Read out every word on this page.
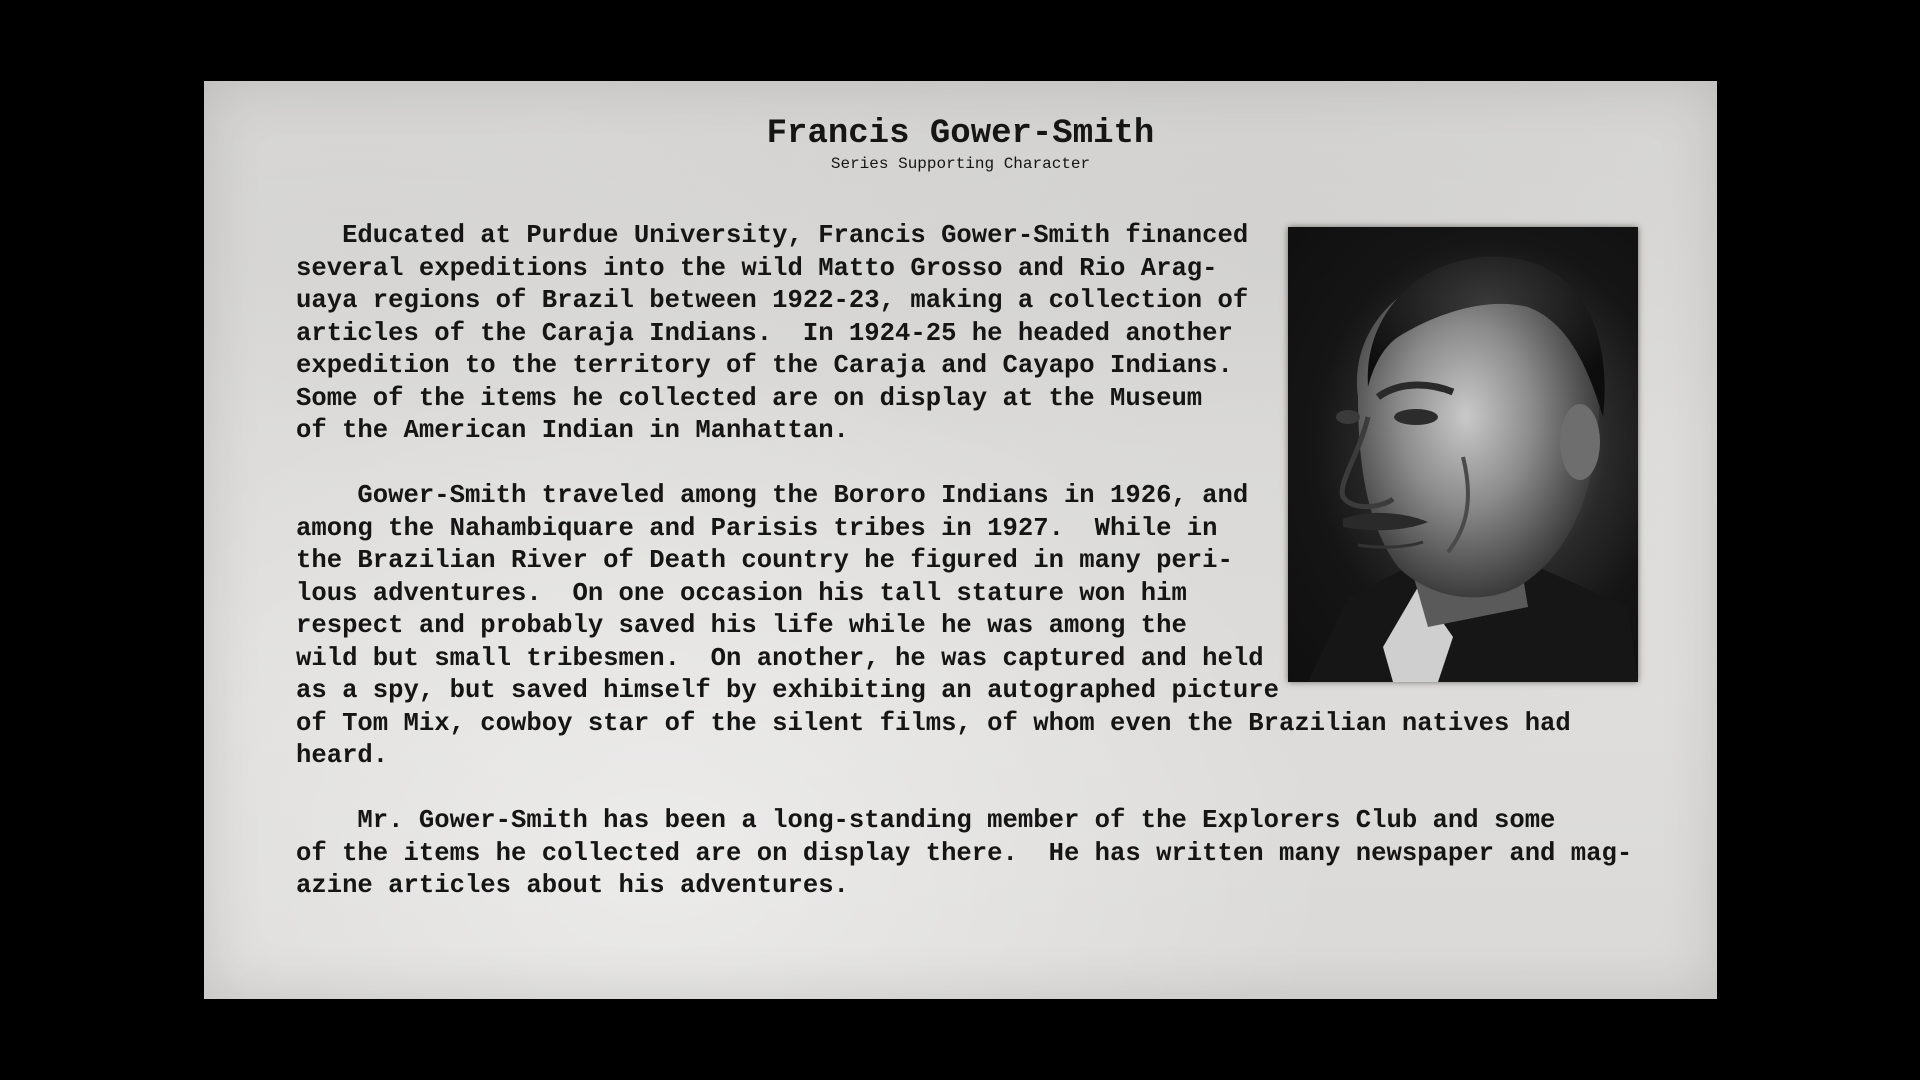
Francis Gower-Smith

Series Supporting Character

Educated at Purdue University, Francis Gower-Smith financed
several expeditions into the wild Matto Grosso and Rio Arag-
uaya regions of Brazil between 1922-23, making a collection of
articles of the Caraja Indians.  In 1924-25 he headed another
expedition to the territory of the Caraja and Cayapo Indians.
Some of the items he collected are on display at the Museum
of the American Indian in Manhattan.
Gower-Smith traveled among the Bororo Indians in 1926, and
among the Nahambiquare and Parisis tribes in 1927.  While in
the Brazilian River of Death country he figured in many peri-
lous adventures.  On one occasion his tall stature won him
respect and probably saved his life while he was among the
wild but small tribesmen.  On another, he was captured and held
as a spy, but saved himself by exhibiting an autographed picture
of Tom Mix, cowboy star of the silent films, of whom even the Brazilian natives had
heard.
Mr. Gower-Smith has been a long-standing member of the Explorers Club and some
of the items he collected are on display there.  He has written many newspaper and mag-
azine articles about his adventures.
